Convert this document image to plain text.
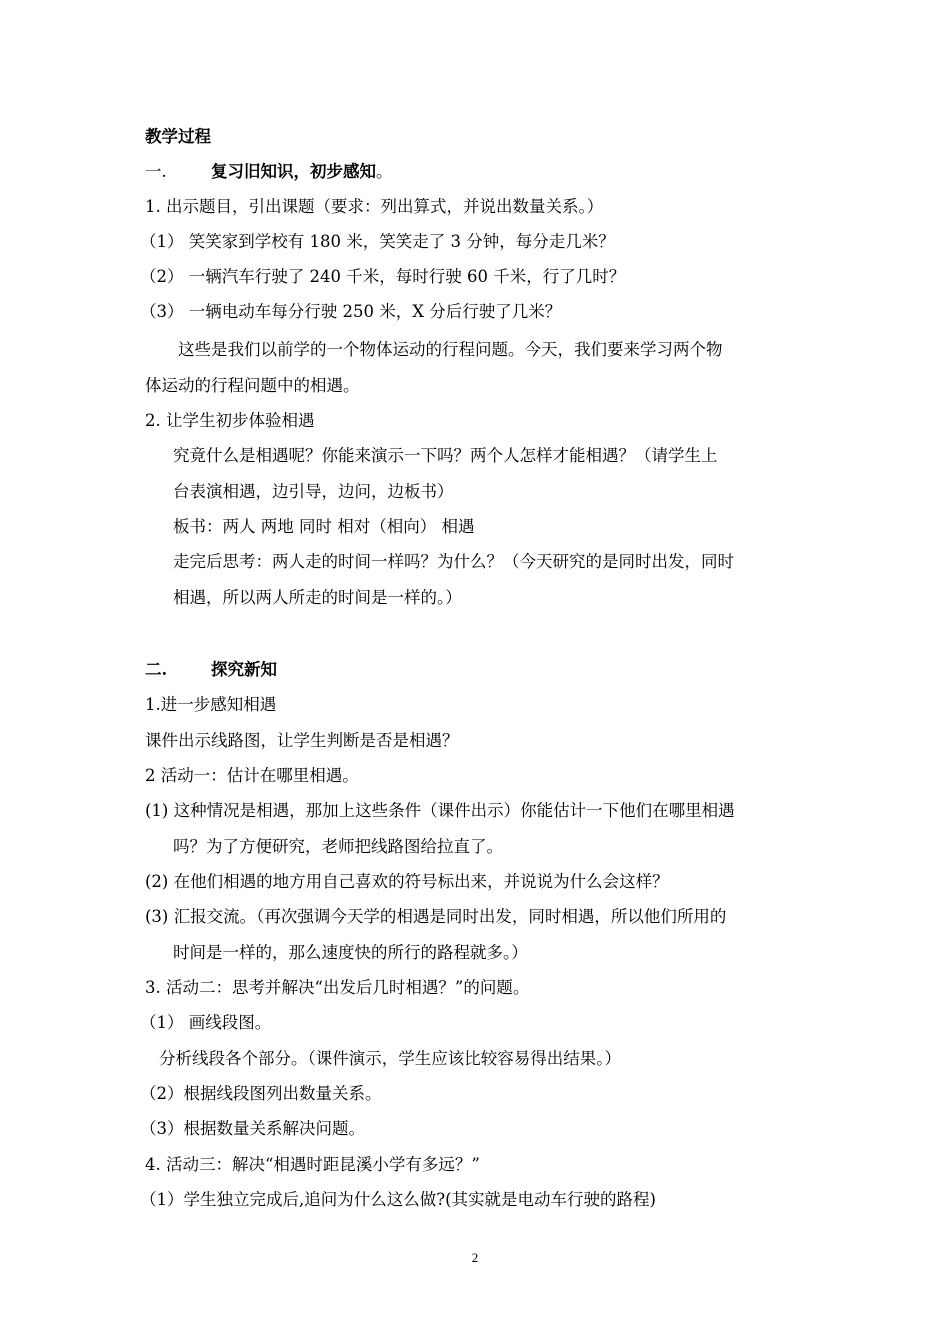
教学过程
一.	复习旧知识，初步感知。
1. 出示题目，引出课题（要求：列出算式，并说出数量关系。）
（1） 笑笑家到学校有 180 米，笑笑走了 3 分钟，每分走几米？
（2） 一辆汽车行驶了 240 千米，每时行驶 60 千米，行了几时？
（3） 一辆电动车每分行驶 250 米，X 分后行驶了几米？
这些是我们以前学的一个物体运动的行程问题。今天，我们要来学习两个物
体运动的行程问题中的相遇。
2. 让学生初步体验相遇
究竟什么是相遇呢？你能来演示一下吗？两个人怎样才能相遇？（请学生上
台表演相遇，边引导，边问，边板书）
板书：两人 两地 同时 相对（相向） 相遇
走完后思考：两人走的时间一样吗？为什么？（今天研究的是同时出发，同时
相遇，所以两人所走的时间是一样的。）
二.	探究新知
1.进一步感知相遇
课件出示线路图，让学生判断是否是相遇？
2 活动一：估计在哪里相遇。
(1) 这种情况是相遇，那加上这些条件（课件出示）你能估计一下他们在哪里相遇
吗？为了方便研究，老师把线路图给拉直了。
(2) 在他们相遇的地方用自己喜欢的符号标出来，并说说为什么会这样？
(3) 汇报交流。（再次强调今天学的相遇是同时出发，同时相遇，所以他们所用的
时间是一样的，那么速度快的所行的路程就多。）
3. 活动二：思考并解决“出发后几时相遇？”的问题。
（1） 画线段图。
分析线段各个部分。（课件演示，学生应该比较容易得出结果。）
（2）根据线段图列出数量关系。
（3）根据数量关系解决问题。
4. 活动三：解决“相遇时距昆溪小学有多远？”
（1）学生独立完成后,追问为什么这么做?(其实就是电动车行驶的路程)
2
